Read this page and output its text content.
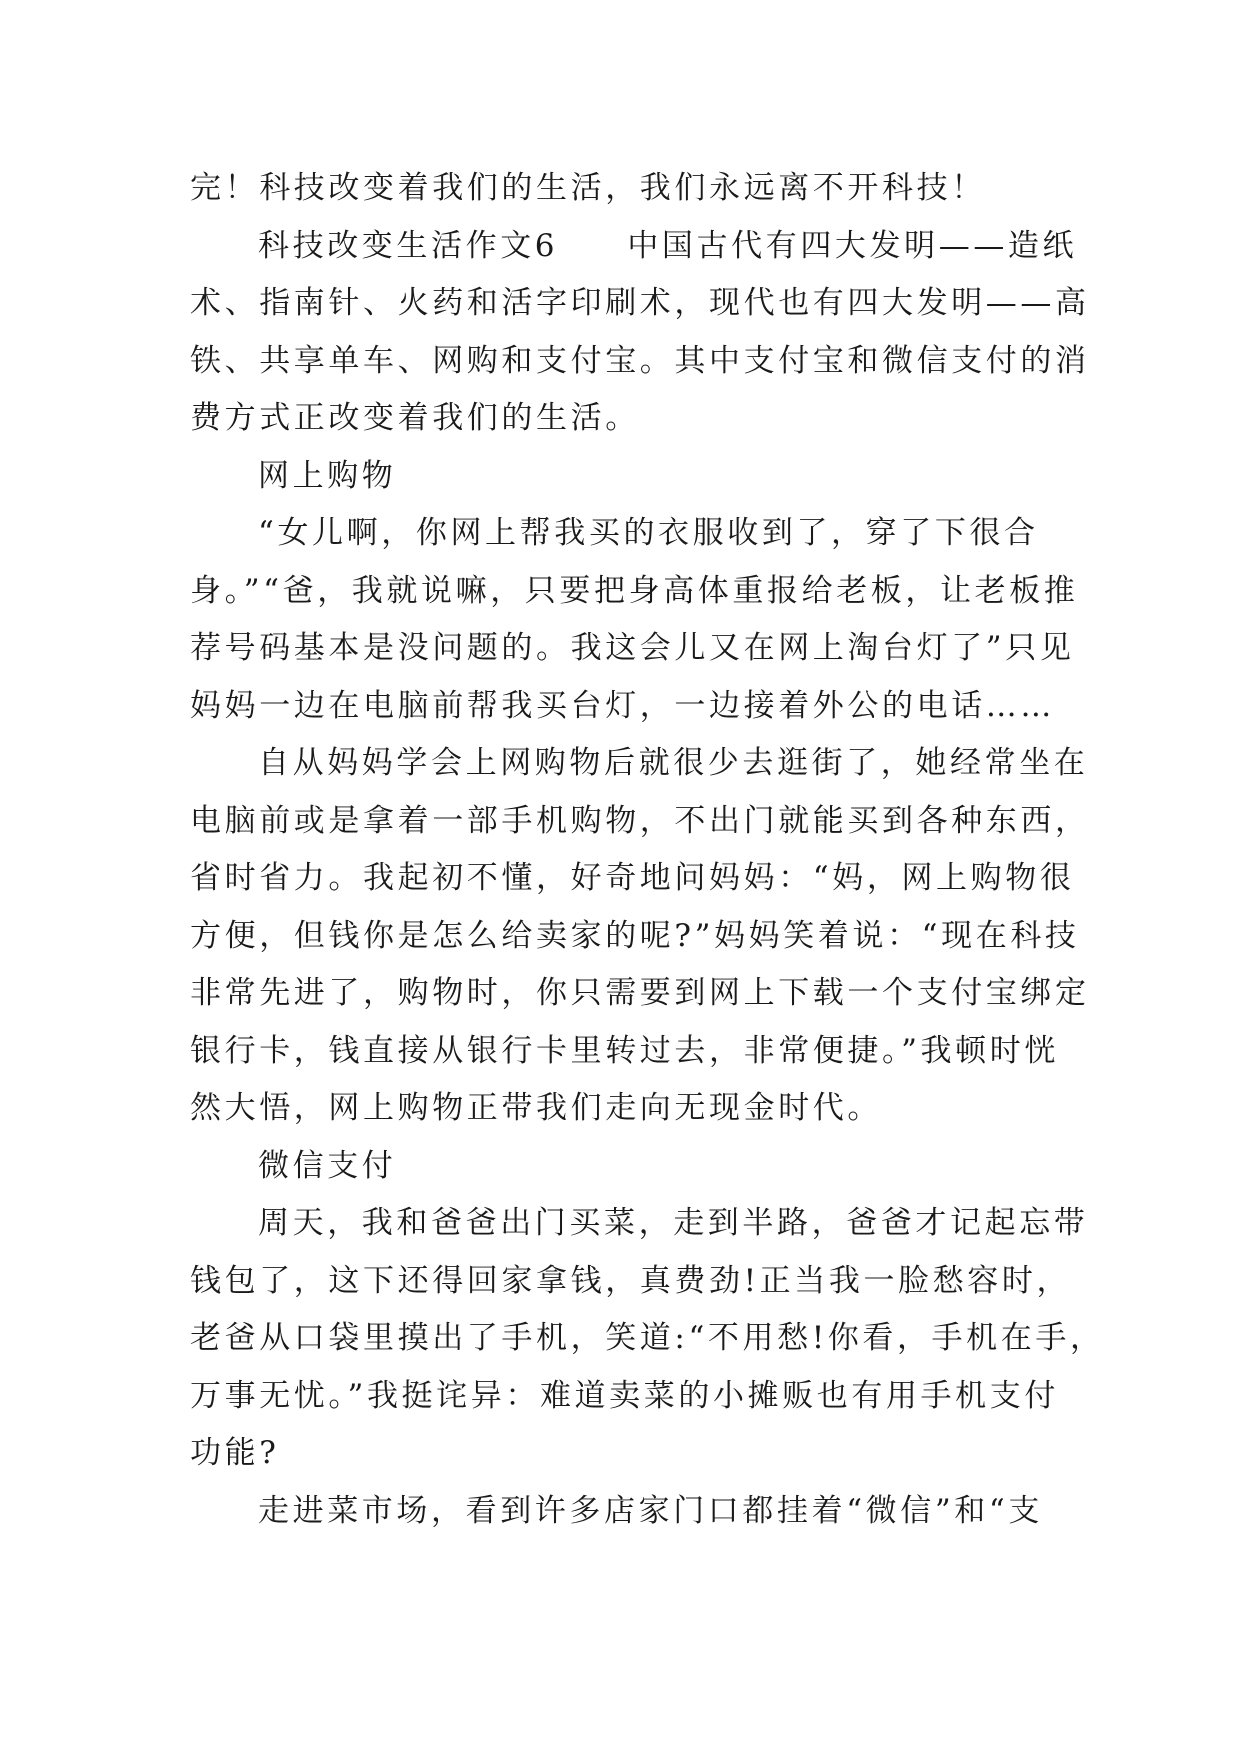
完！科技改变着我们的生活，我们永远离不开科技！
科技改变生活作文6　　中国古代有四大发明——造纸
术、指南针、火药和活字印刷术，现代也有四大发明——高
铁、共享单车、网购和支付宝。其中支付宝和微信支付的消
费方式正改变着我们的生活。
网上购物
“女儿啊，你网上帮我买的衣服收到了，穿了下很合
身。”“爸，我就说嘛，只要把身高体重报给老板，让老板推
荐号码基本是没问题的。我这会儿又在网上淘台灯了”只见
妈妈一边在电脑前帮我买台灯，一边接着外公的电话……
自从妈妈学会上网购物后就很少去逛街了，她经常坐在
电脑前或是拿着一部手机购物，不出门就能买到各种东西，
省时省力。我起初不懂，好奇地问妈妈：“妈，网上购物很
方便，但钱你是怎么给卖家的呢?”妈妈笑着说：“现在科技
非常先进了，购物时，你只需要到网上下载一个支付宝绑定
银行卡，钱直接从银行卡里转过去，非常便捷。”我顿时恍
然大悟，网上购物正带我们走向无现金时代。
微信支付
周天，我和爸爸出门买菜，走到半路，爸爸才记起忘带
钱包了，这下还得回家拿钱，真费劲!正当我一脸愁容时，
老爸从口袋里摸出了手机，笑道:“不用愁!你看，手机在手，
万事无忧。”我挺诧异：难道卖菜的小摊贩也有用手机支付
功能?
走进菜市场，看到许多店家门口都挂着“微信”和“支
